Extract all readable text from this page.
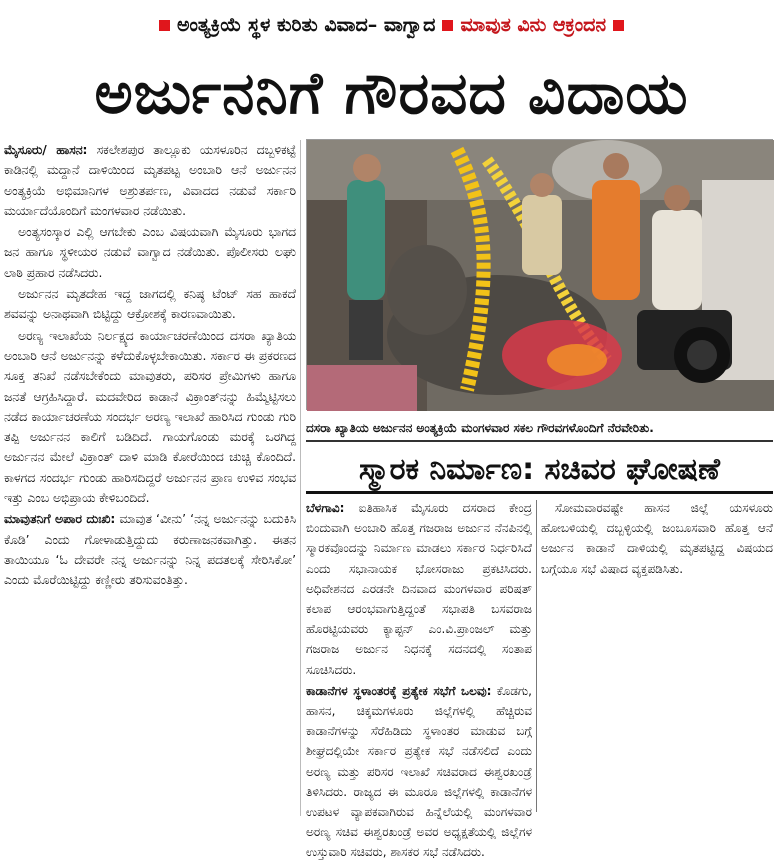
ಅಂತ್ಯಕ್ರಿಯೆ ಸ್ಥಳ ಕುರಿತು ವಿವಾದ– ವಾಗ್ವಾದ ಮಾವುತ ವಿನು ಆಕ್ರಂದನ
ಅರ್ಜುನನಿಗೆ ಗೌರವದ ವಿದಾಯ

ಮೈಸೂರು/ ಹಾಸನ: ಸಕಲೇಶಪುರ ತಾಲ್ಲೂಕು ಯಸಳೂರಿನ ದಬ್ಬಳಿಕಟ್ಟೆ ಕಾಡಿನಲ್ಲಿ ಮದ್ದಾನೆ ದಾಳಿಯಿಂದ ಮೃತಪಟ್ಟ ಅಂಬಾರಿ ಆನೆ ಅರ್ಜುನನ ಅಂತ್ಯಕ್ರಿಯೆ ಅಭಿಮಾನಿಗಳ ಅಶ್ರುತರ್ಪಣ, ವಿವಾದದ ನಡುವೆ ಸರ್ಕಾರಿ ಮರ್ಯಾದೆಯೊಂದಿಗೆ ಮಂಗಳವಾರ ನಡೆಯಿತು.

ಅಂತ್ಯಸಂಸ್ಕಾರ ಎಲ್ಲಿ ಆಗಬೇಕು ಎಂಬ ವಿಷಯವಾಗಿ ಮೈಸೂರು ಭಾಗದ ಜನ ಹಾಗೂ ಸ್ಥಳೀಯರ ನಡುವೆ ವಾಗ್ವಾದ ನಡೆಯಿತು. ಪೊಲೀಸರು ಲಘು ಲಾಠಿ ಪ್ರಹಾರ ನಡೆಸಿದರು.

ಅರ್ಜುನನ ಮೃತದೇಹ ಇದ್ದ ಜಾಗದಲ್ಲಿ ಕನಿಷ್ಠ ಟೆಂಟ್ ಸಹ ಹಾಕದೆ ಶವವನ್ನು ಅನಾಥವಾಗಿ ಬಿಟ್ಟಿದ್ದು ಆಕ್ರೋಶಕ್ಕೆ ಕಾರಣವಾಯಿತು.

ಅರಣ್ಯ ಇಲಾಖೆಯ ನಿರ್ಲಕ್ಷ್ಯದ ಕಾರ್ಯಾಚರಣೆಯಿಂದ ದಸರಾ ಖ್ಯಾತಿಯ ಅಂಬಾರಿ ಆನೆ ಅರ್ಜುನನ್ನು ಕಳೆದುಕೊಳ್ಳಬೇಕಾಯಿತು. ಸರ್ಕಾರ ಈ ಪ್ರಕರಣದ ಸೂಕ್ತ ತನಿಖೆ ನಡೆಸಬೇಕೆಂದು ಮಾವುತರು, ಪರಿಸರ ಪ್ರೇಮಿಗಳು ಹಾಗೂ ಜನತೆ ಆಗ್ರಹಿಸಿದ್ದಾರೆ. ಮದವೇರಿದ ಕಾಡಾನೆ ವಿಕ್ರಾಂತ್‌ನನ್ನು ಹಿಮ್ಮೆಟ್ಟಿಸಲು ನಡೆದ ಕಾರ್ಯಾಚರಣೆಯ ಸಂದರ್ಭ ಅರಣ್ಯ ಇಲಾಖೆ ಹಾರಿಸಿದ ಗುಂಡು ಗುರಿ ತಪ್ಪಿ ಅರ್ಜುನನ ಕಾಲಿಗೆ ಬಡಿದಿದೆ. ಗಾಯಗೊಂಡು ಮರಕ್ಕೆ ಒರಗಿದ್ದ ಅರ್ಜುನನ ಮೇಲೆ ವಿಕ್ರಾಂತ್ ದಾಳಿ ಮಾಡಿ ಕೋರೆಯಿಂದ ಚುಚ್ಚಿ ಕೊಂದಿದೆ. ಕಾಳಗದ ಸಂದರ್ಭ ಗುಂಡು ಹಾರಿಸದಿದ್ದರೆ ಅರ್ಜುನನ ಪ್ರಾಣ ಉಳಿವ ಸಂಭವ ಇತ್ತು ಎಂಬ ಅಭಿಪ್ರಾಯ ಕೇಳಿಬಂದಿದೆ.

ಮಾವುತನಿಗೆ ಅಪಾರ ದುಃಖಿ: ಮಾವುತ ‘ವೀನು’ ‘ನನ್ನ ಅರ್ಜುನನ್ನು ಬದುಕಿಸಿ ಕೊಡಿ’ ಎಂದು ಗೋಳಾಡುತ್ತಿದ್ದುದು ಕರುಣಾಜನಕವಾಗಿತ್ತು. ಈತನ ತಾಯಿಯೂ ‘ಓ ದೇವರೇ ನನ್ನ ಅರ್ಜುನನ್ನು ನಿನ್ನ ಪದತಲಕ್ಕೆ ಸೇರಿಸಿಕೋ’ ಎಂದು ಮೊರೆಯಿಟ್ಟಿದ್ದು ಕಣ್ಣೀರು ತರಿಸುವಂತಿತ್ತು.

ದಸರಾ ಖ್ಯಾತಿಯ ಅರ್ಜುನನ ಅಂತ್ಯಕ್ರಿಯೆ ಮಂಗಳವಾರ ಸಕಲ ಗೌರವಗಳೊಂದಿಗೆ ನೆರವೇರಿತು.
ಸ್ಮಾರಕ ನಿರ್ಮಾಣ: ಸಚಿವರ ಘೋಷಣೆ

ಬೆಳಗಾವಿ: ಐತಿಹಾಸಿಕ ಮೈಸೂರು ದಸರಾದ ಕೇಂದ್ರ ಬಿಂದುವಾಗಿ ಅಂಬಾರಿ ಹೊತ್ತ ಗಜರಾಜ ಅರ್ಜುನ ನೆನಪಿನಲ್ಲಿ ಸ್ಮಾರಕವೊಂದನ್ನು ನಿರ್ಮಾಣ ಮಾಡಲು ಸರ್ಕಾರ ನಿರ್ಧರಿಸಿದೆ ಎಂದು ಸಭಾನಾಯಕ ಭೋಸರಾಜು ಪ್ರಕಟಿಸಿದರು. ಅಧಿವೇಶನದ ಎರಡನೇ ದಿನವಾದ ಮಂಗಳವಾರ ಪರಿಷತ್ ಕಲಾಪ ಆರಂಭವಾಗುತ್ತಿದ್ದಂತೆ ಸಭಾಪತಿ ಬಸವರಾಜ ಹೊರಟ್ಟಿಯವರು ಕ್ಯಾಪ್ಟನ್ ಎಂ.ವಿ.ಪ್ರಾಂಜಲ್ ಮತ್ತು ಗಜರಾಜ ಅರ್ಜುನ ನಿಧನಕ್ಕೆ ಸದನದಲ್ಲಿ ಸಂತಾಪ ಸೂಚಿಸಿದರು.

ಕಾಡಾನೆಗಳ ಸ್ಥಳಾಂತರಕ್ಕೆ ಪ್ರತ್ಯೇಕ ಸಭೆಗೆ ಒಲವು: ಕೊಡಗು, ಹಾಸನ, ಚಿಕ್ಕಮಗಳೂರು ಜಿಲ್ಲೆಗಳಲ್ಲಿ ಹೆಚ್ಚಿರುವ ಕಾಡಾನೆಗಳನ್ನು ಸೆರೆಹಿಡಿದು ಸ್ಥಳಾಂತರ ಮಾಡುವ ಬಗ್ಗೆ ಶೀಘ್ರದಲ್ಲಿಯೇ ಸರ್ಕಾರ ಪ್ರತ್ಯೇಕ ಸಭೆ ನಡೆಸಲಿದೆ ಎಂದು ಅರಣ್ಯ ಮತ್ತು ಪರಿಸರ ಇಲಾಖೆ ಸಚಿವರಾದ ಈಶ್ವರಖಂಡ್ರೆ ತಿಳಿಸಿದರು. ರಾಜ್ಯದ ಈ ಮೂರೂ ಜಿಲ್ಲೆಗಳಲ್ಲಿ ಕಾಡಾನೆಗಳ ಉಪಟಳ ವ್ಯಾಪಕವಾಗಿರುವ ಹಿನ್ನೆಲೆಯಲ್ಲಿ ಮಂಗಳವಾರ ಅರಣ್ಯ ಸಚಿವ ಈಶ್ವರಖಂಡ್ರೆ ಅವರ ಅಧ್ಯಕ್ಷತೆಯಲ್ಲಿ ಜಿಲ್ಲೆಗಳ ಉಸ್ತುವಾರಿ ಸಚಿವರು, ಶಾಸಕರ ಸಭೆ ನಡೆಸಿದರು.

ಸೋಮವಾರವಷ್ಟೇ ಹಾಸನ ಜಿಲ್ಲೆ ಯಸಳೂರು ಹೋಬಳಿಯಲ್ಲಿ ದಬ್ಬಳ್ಳಿಯಲ್ಲಿ ಜಂಬೂಸವಾರಿ ಹೊತ್ತ ಆನೆ ಅರ್ಜುನ ಕಾಡಾನೆ ದಾಳಿಯಲ್ಲಿ ಮೃತಪಟ್ಟಿದ್ದ ವಿಷಯದ ಬಗ್ಗೆಯೂ ಸಭೆ ವಿಷಾದ ವ್ಯಕ್ತಪಡಿಸಿತು.
